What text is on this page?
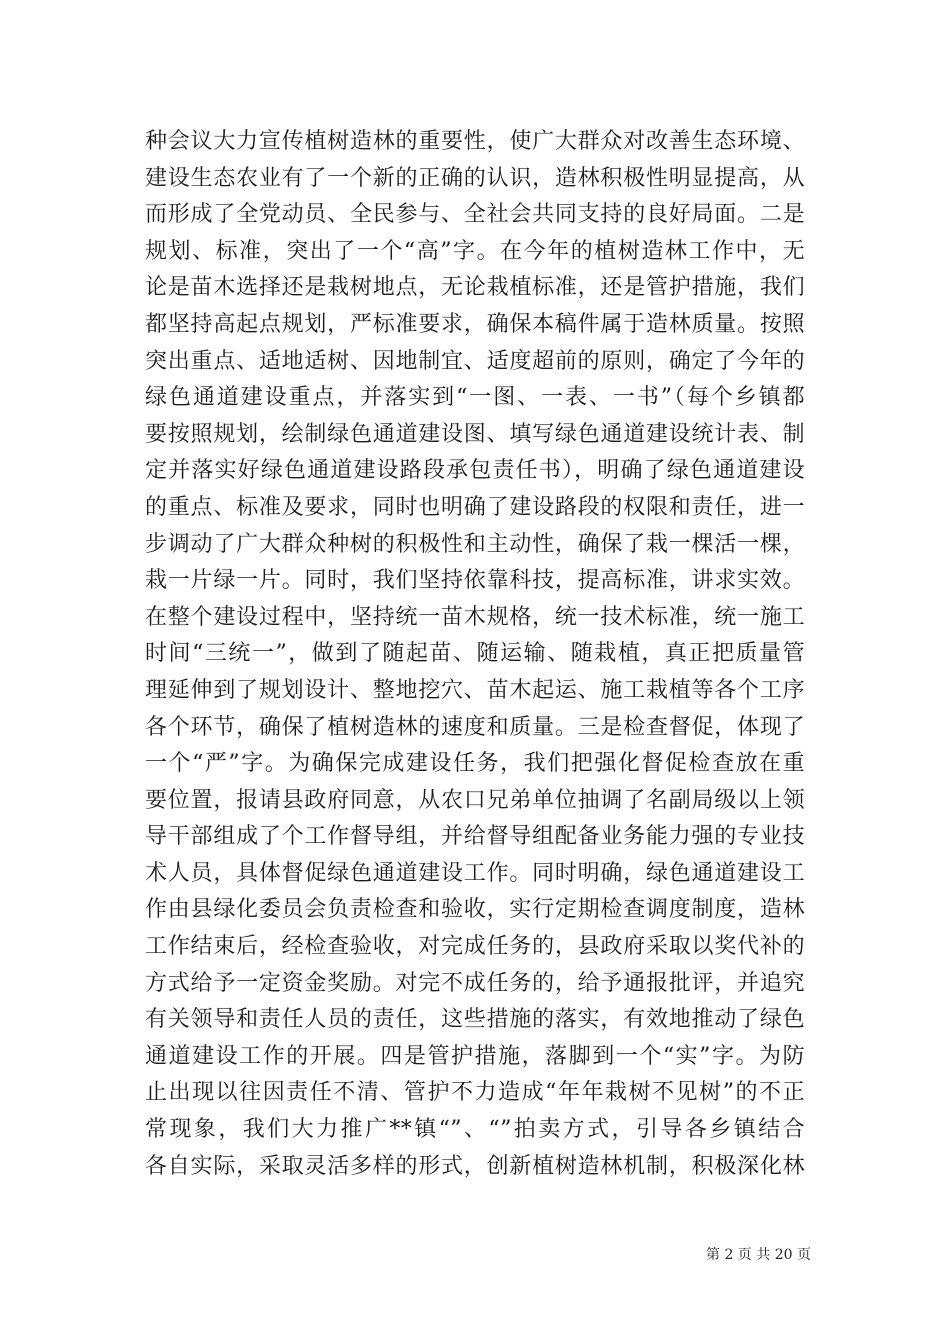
种会议大力宣传植树造林的重要性，使广大群众对改善生态环境、
建设生态农业有了一个新的正确的认识，造林积极性明显提高，从
而形成了全党动员、全民参与、全社会共同支持的良好局面。二是
规划、标准，突出了一个“高”字。在今年的植树造林工作中，无
论是苗木选择还是栽树地点，无论栽植标准，还是管护措施，我们
都坚持高起点规划，严标准要求，确保本稿件属于造林质量。按照
突出重点、适地适树、因地制宜、适度超前的原则，确定了今年的
绿色通道建设重点，并落实到“一图、一表、一书”（每个乡镇都
要按照规划，绘制绿色通道建设图、填写绿色通道建设统计表、制
定并落实好绿色通道建设路段承包责任书），明确了绿色通道建设
的重点、标准及要求，同时也明确了建设路段的权限和责任，进一
步调动了广大群众种树的积极性和主动性，确保了栽一棵活一棵，
栽一片绿一片。同时，我们坚持依靠科技，提高标准，讲求实效。
在整个建设过程中，坚持统一苗木规格，统一技术标准，统一施工
时间“三统一”，做到了随起苗、随运输、随栽植，真正把质量管
理延伸到了规划设计、整地挖穴、苗木起运、施工栽植等各个工序
各个环节，确保了植树造林的速度和质量。三是检查督促，体现了
一个“严”字。为确保完成建设任务，我们把强化督促检查放在重
要位置，报请县政府同意，从农口兄弟单位抽调了名副局级以上领
导干部组成了个工作督导组，并给督导组配备业务能力强的专业技
术人员，具体督促绿色通道建设工作。同时明确，绿色通道建设工
作由县绿化委员会负责检查和验收，实行定期检查调度制度，造林
工作结束后，经检查验收，对完成任务的，县政府采取以奖代补的
方式给予一定资金奖励。对完不成任务的，给予通报批评，并追究
有关领导和责任人员的责任，这些措施的落实，有效地推动了绿色
通道建设工作的开展。四是管护措施，落脚到一个“实”字。为防
止出现以往因责任不清、管护不力造成“年年栽树不见树”的不正
常现象，我们大力推广**镇“”、“”拍卖方式，引导各乡镇结合
各自实际，采取灵活多样的形式，创新植树造林机制，积极深化林
第 2 页 共 20 页
